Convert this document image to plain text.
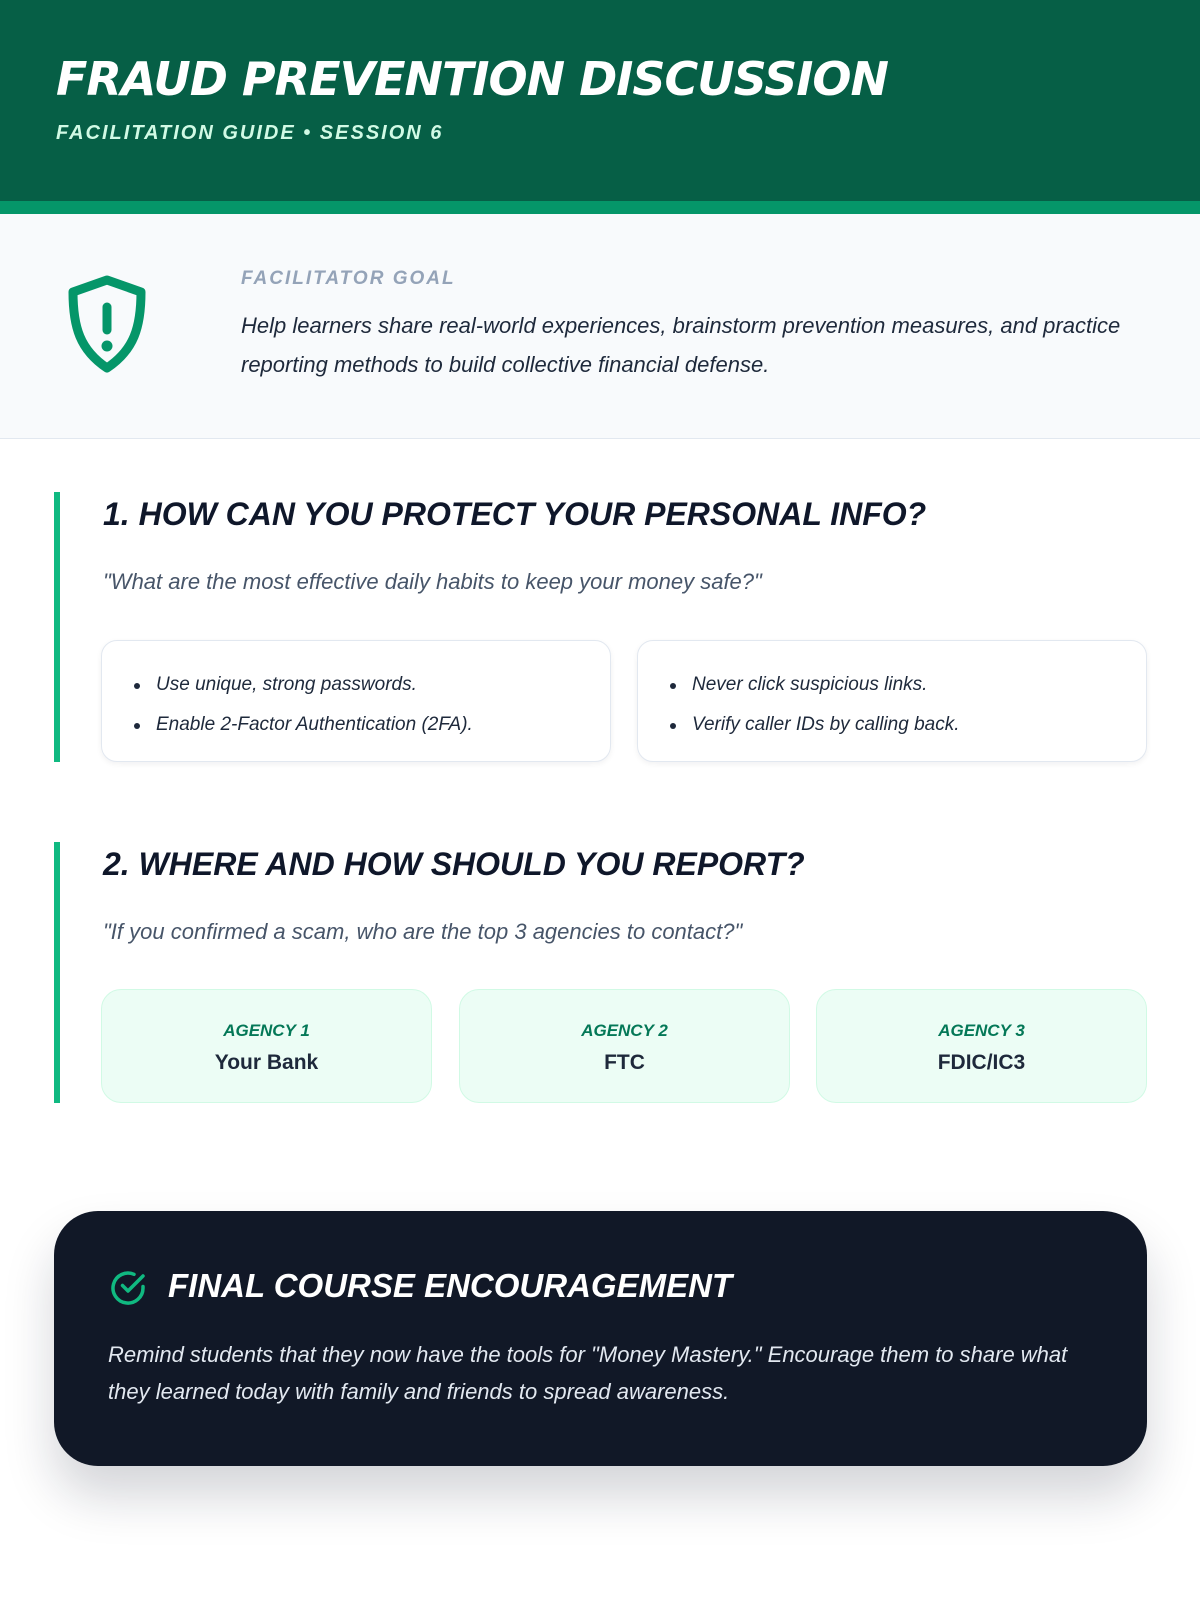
FRAUD PREVENTION DISCUSSION
FACILITATION GUIDE • SESSION 6
FACILITATOR GOAL
Help learners share real-world experiences, brainstorm prevention measures, and practice reporting methods to build collective financial defense.
1. HOW CAN YOU PROTECT YOUR PERSONAL INFO?
"What are the most effective daily habits to keep your money safe?"
Use unique, strong passwords.
Enable 2-Factor Authentication (2FA).
Never click suspicious links.
Verify caller IDs by calling back.
2. WHERE AND HOW SHOULD YOU REPORT?
"If you confirmed a scam, who are the top 3 agencies to contact?"
AGENCY 1
Your Bank
AGENCY 2
FTC
AGENCY 3
FDIC/IC3
FINAL COURSE ENCOURAGEMENT
Remind students that they now have the tools for "Money Mastery." Encourage them to share what they learned today with family and friends to spread awareness.
